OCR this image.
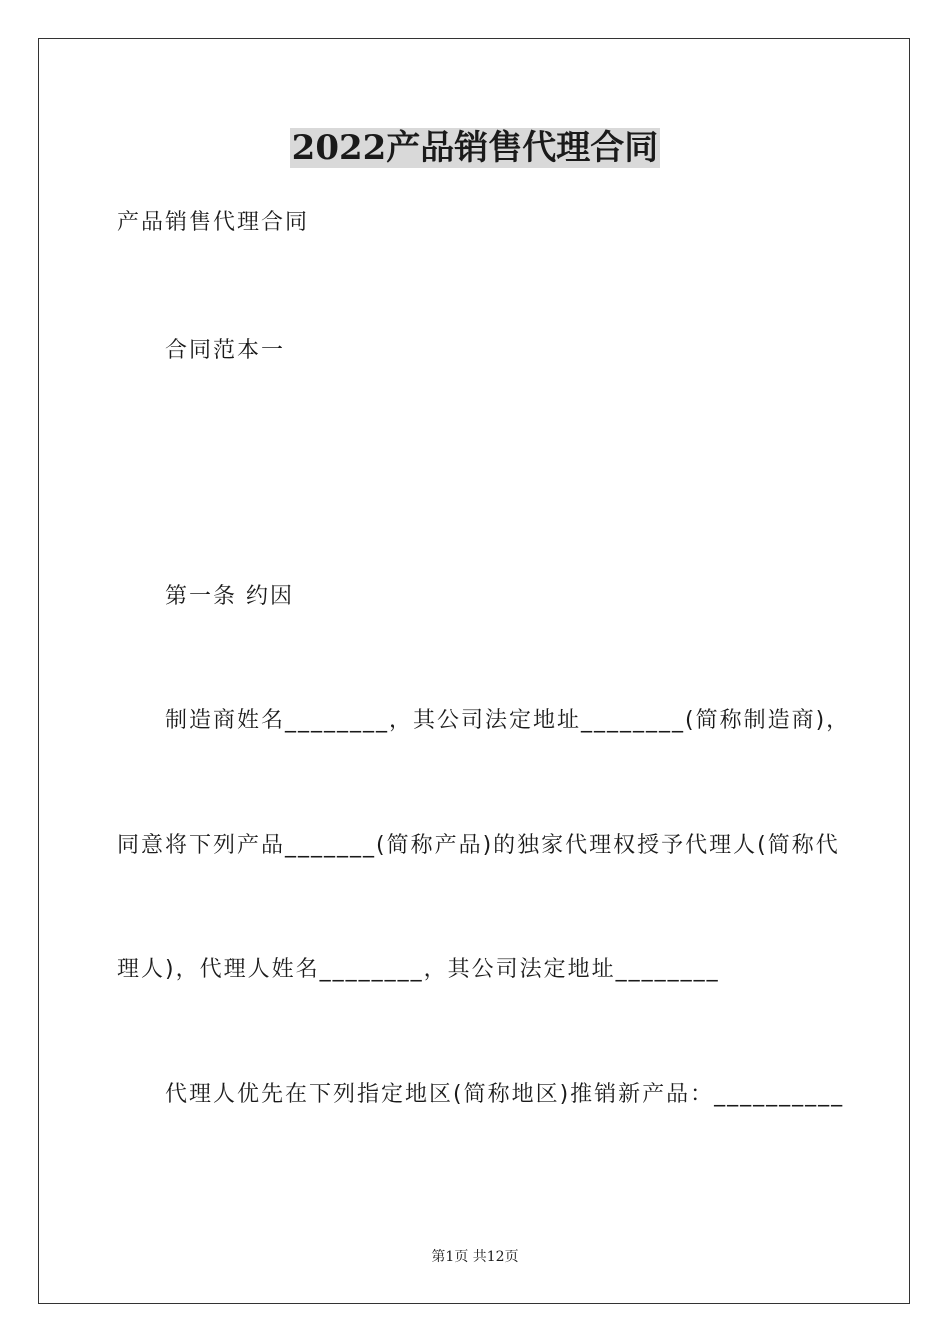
2022产品销售代理合同
产品销售代理合同
合同范本一
第一条 约因
制造商姓名________，其公司法定地址________(简称制造商)，
同意将下列产品_______(简称产品)的独家代理权授予代理人(简称代
理人)，代理人姓名________，其公司法定地址________
代理人优先在下列指定地区(简称地区)推销新产品：__________
第1页 共12页
